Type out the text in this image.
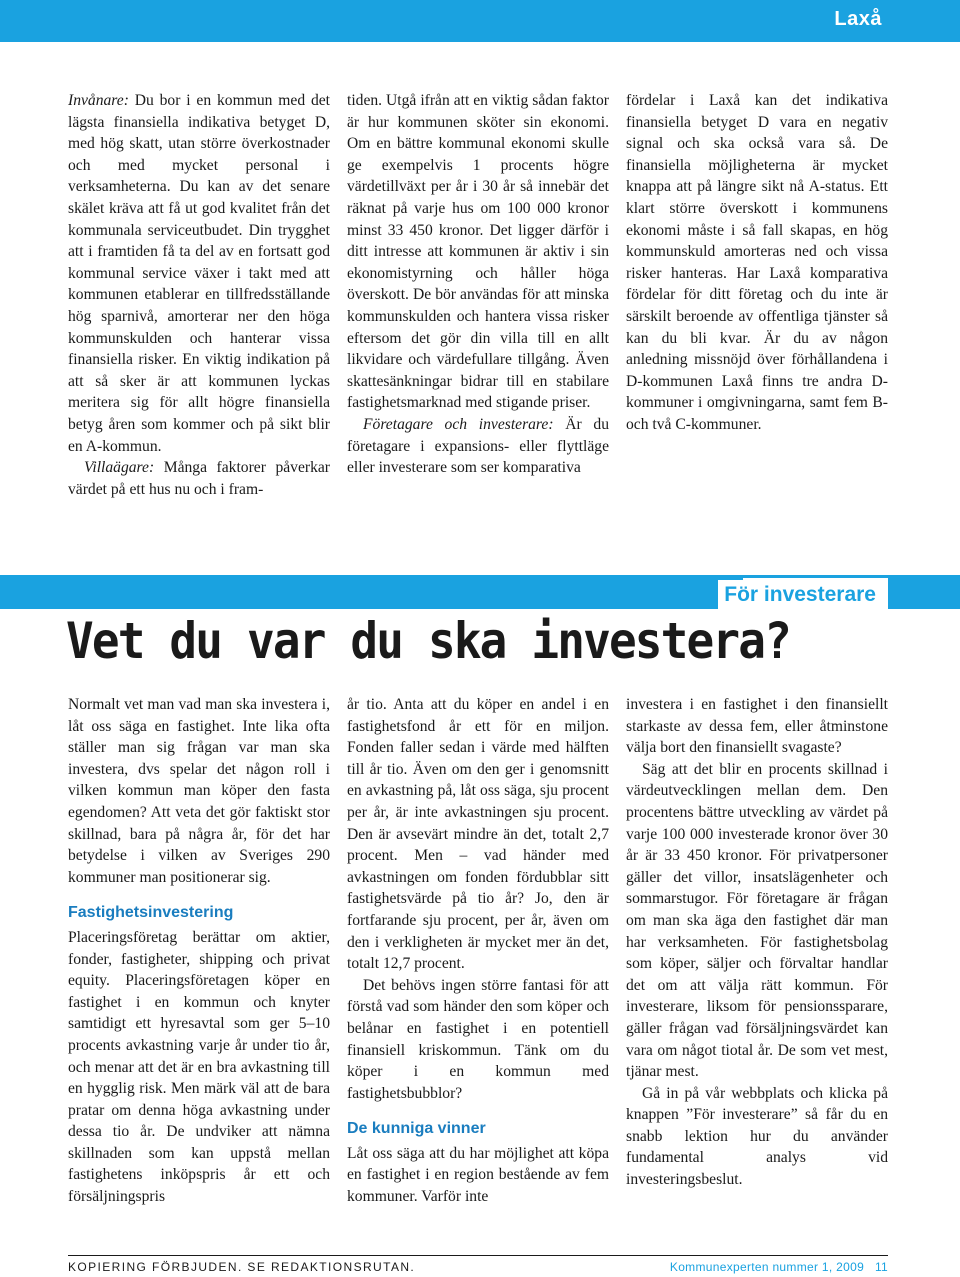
Laxå

Invånare: Du bor i en kommun med det lägsta finansiella indikativa betyget D, med hög skatt, utan större överkostnader och med mycket personal i verksamheterna. Du kan av det senare skälet kräva att få ut god kvalitet från det kommunala serviceutbudet. Din trygghet att i framtiden få ta del av en fortsatt god kommunal service växer i takt med att kommunen etablerar en tillfredsställande hög sparnivå, amorterar ner den höga kommunskulden och hanterar vissa finansiella risker. En viktig indikation på att så sker är att kommunen lyckas meritera sig för allt högre finansiella betyg åren som kommer och på sikt blir en A-kommun.

Villaägare: Många faktorer påverkar värdet på ett hus nu och i fram-

tiden. Utgå ifrån att en viktig sådan faktor är hur kommunen sköter sin ekonomi. Om en bättre kommunal ekonomi skulle ge exempelvis 1 procents högre värdetillväxt per år i 30 år så innebär det räknat på varje hus om 100 000 kronor minst 33 450 kronor. Det ligger därför i ditt intresse att kommunen är aktiv i sin ekonomistyrning och håller höga överskott. De bör användas för att minska kommunskulden och hantera vissa risker eftersom det gör din villa till en allt likvidare och värdefullare tillgång. Även skattesänkningar bidrar till en stabilare fastighetsmarknad med stigande priser.

Företagare och investerare: Är du företagare i expansions- eller flyttläge eller investerare som ser komparativa

fördelar i Laxå kan det indikativa finansiella betyget D vara en negativ signal och ska också vara så. De finansiella möjligheterna är mycket knappa att på längre sikt nå A-status. Ett klart större överskott i kommunens ekonomi måste i så fall skapas, en hög kommunskuld amorteras ned och vissa risker hanteras. Har Laxå komparativa fördelar för ditt företag och du inte är särskilt beroende av offentliga tjänster så kan du bli kvar. Är du av någon anledning missnöjd över förhållandena i D-kommunen Laxå finns tre andra D-kommuner i omgivningarna, samt fem B- och två C-kommuner.

För investerare
Vet du var du ska investera?

Normalt vet man vad man ska investera i, låt oss säga en fastighet. Inte lika ofta ställer man sig frågan var man ska investera, dvs spelar det någon roll i vilken kommun man köper den fasta egendomen? Att veta det gör faktiskt stor skillnad, bara på några år, för det har betydelse i vilken av Sveriges 290 kommuner man positionerar sig.

Fastighetsinvestering

Placeringsföretag berättar om aktier, fonder, fastigheter, shipping och privat equity. Placeringsföretagen köper en fastighet i en kommun och knyter samtidigt ett hyresavtal som ger 5–10 procents avkastning varje år under tio år, och menar att det är en bra avkastning till en hygglig risk. Men märk väl att de bara pratar om denna höga avkastning under dessa tio år. De undviker att nämna skillnaden som kan uppstå mellan fastighetens inköpspris år ett och försäljningspris

år tio. Anta att du köper en andel i en fastighetsfond år ett för en miljon. Fonden faller sedan i värde med hälften till år tio. Även om den ger i genomsnitt en avkastning på, låt oss säga, sju procent per år, är inte avkastningen sju procent. Den är avsevärt mindre än det, totalt 2,7 procent. Men – vad händer med avkastningen om fonden fördubblar sitt fastighetsvärde på tio år? Jo, den är fortfarande sju procent, per år, även om den i verkligheten är mycket mer än det, totalt 12,7 procent.

Det behövs ingen större fantasi för att förstå vad som händer den som köper och belånar en fastighet i en potentiell finansiell kriskommun. Tänk om du köper i en kommun med fastighetsbubblor?

De kunniga vinner

Låt oss säga att du har möjlighet att köpa en fastighet i en region bestående av fem kommuner. Varför inte

investera i en fastighet i den finansiellt starkaste av dessa fem, eller åtminstone välja bort den finansiellt svagaste?

Säg att det blir en procents skillnad i värdeutvecklingen mellan dem. Den procentens bättre utveckling av värdet på varje 100 000 investerade kronor över 30 år är 33 450 kronor. För privatpersoner gäller det villor, insatslägenheter och sommarstugor. För företagare är frågan om man ska äga den fastighet där man har verksamheten. För fastighetsbolag som köper, säljer och förvaltar handlar det om att välja rätt kommun. För investerare, liksom för pensionssparare, gäller frågan vad försäljningsvärdet kan vara om något tiotal år. De som vet mest, tjänar mest.

Gå in på vår webbplats och klicka på knappen ”För investerare” så får du en snabb lektion hur du använder fundamental analys vid investeringsbeslut.

KOPIERING FÖRBJUDEN. SE REDAKTIONSRUTAN.	Kommunexperten nummer 1, 2009   11
